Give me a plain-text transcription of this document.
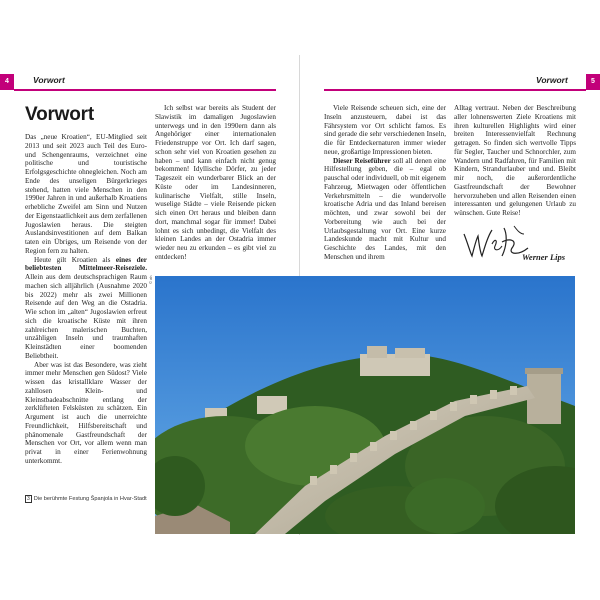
4	Vorwort
Vorwort

Das „neue Kroatien“, EU-Mitglied seit 2013 und seit 2023 auch Teil des Euro- und Schengenraums, verzeichnet eine politische und touristische Erfolgsgeschichte ohnegleichen. Noch am Ende des unseligen Bürgerkrieges stehend, hatten viele Menschen in den 1990er Jahren in und außerhalb Kroatiens erhebliche Zweifel am Sinn und Nutzen der Eigenstaatlichkeit aus dem zerfallenen Jugoslawien heraus. Die steigten Auslandsinvestitionen auf dem Balkan taten ein Übriges, um Reisende von der Region fern zu halten.

Heute gilt Kroatien als eines der beliebtesten Mittelmeer-Reiseziele. Allein aus dem deutschsprachigen Raum machen sich alljährlich (Ausnahme 2020 bis 2022) mehr als zwei Millionen Reisende auf den Weg an die Ostadria. Wie schon im „alten“ Jugoslawien erfreut sich die kroatische Küste mit ihren zahlreichen malerischen Buchten, unzähligen Inseln und traumhaften Kleinstädten einer boomenden Beliebtheit.

Aber was ist das Besondere, was zieht immer mehr Menschen gen Südost? Viele wissen das kristallklare Wasser der zahllosen Klein- und Kleinstbadeabschnitte entlang der zerklüfteten Felsküsten zu schätzen. Ein Argument ist auch die unerreichte Freundlichkeit, Hilfsbereitschaft und phänomenale Gastfreundschaft der Menschen vor Ort, vor allem wenn man privat in einer Ferienwohnung unterkommt.

Ich selbst war bereits als Student der Slawistik im damaligen Jugoslawien unterwegs und in den 1990ern dann als Angehöriger einer internationalen Friedenstruppe vor Ort. Ich darf sagen, schon sehr viel von Kroatien gesehen zu haben – und kann einfach nicht genug bekommen! Idyllische Dörfer, zu jeder Tageszeit ein wunderbarer Blick an der Küste oder im Landesinneren, kulinarische Vielfalt, stille Inseln, wuselige Städte – viele Reisende picken sich einen Ort heraus und bleiben dann dort, manchmal sogar für immer! Dabei lohnt es sich unbedingt, die Vielfalt des kleinen Landes an der Ostadria immer wieder neu zu erkunden – es gibt viel zu entdecken!

3 Die berühmte Festung Španjola in Hvar-Stadt
5
Vorwort

Viele Reisende scheuen sich, eine der Inseln anzusteuern, dabei ist das Fährsystem vor Ort schlicht famos. Es sind gerade die sehr verschiedenen Inseln, die für Entdeckernaturen immer wieder neue, großartige Impressionen bieten.

Dieser Reiseführer soll all denen eine Hilfestellung geben, die – egal ob pauschal oder individuell, ob mit eigenem Fahrzeug, Mietwagen oder öffentlichen Verkehrsmitteln – die wundervolle kroatische Adria und das Inland bereisen möchten, und zwar sowohl bei der Vorbereitung wie auch bei der Urlaubsgestaltung vor Ort. Eine kurze Landeskunde macht mit Kultur und Geschichte des Landes, mit den Menschen und ihrem

Alltag vertraut. Neben der Beschreibung aller lohnenswerten Ziele Kroatiens mit ihren kulturellen Highlights wird einer breiten Interessenvielfalt Rechnung getragen. So finden sich wertvolle Tipps für Segler, Taucher und Schnorchler, zum Wandern und Radfahren, für Familien mit Kindern, Strandurlauber und und. Bleibt mir noch, die außerordentliche Gastfreundschaft der Bewohner hervorzuheben und allen Reisenden einen interessanten und gelungenen Urlaub zu wünschen. Gute Reise!

Werner Lips
© ah
